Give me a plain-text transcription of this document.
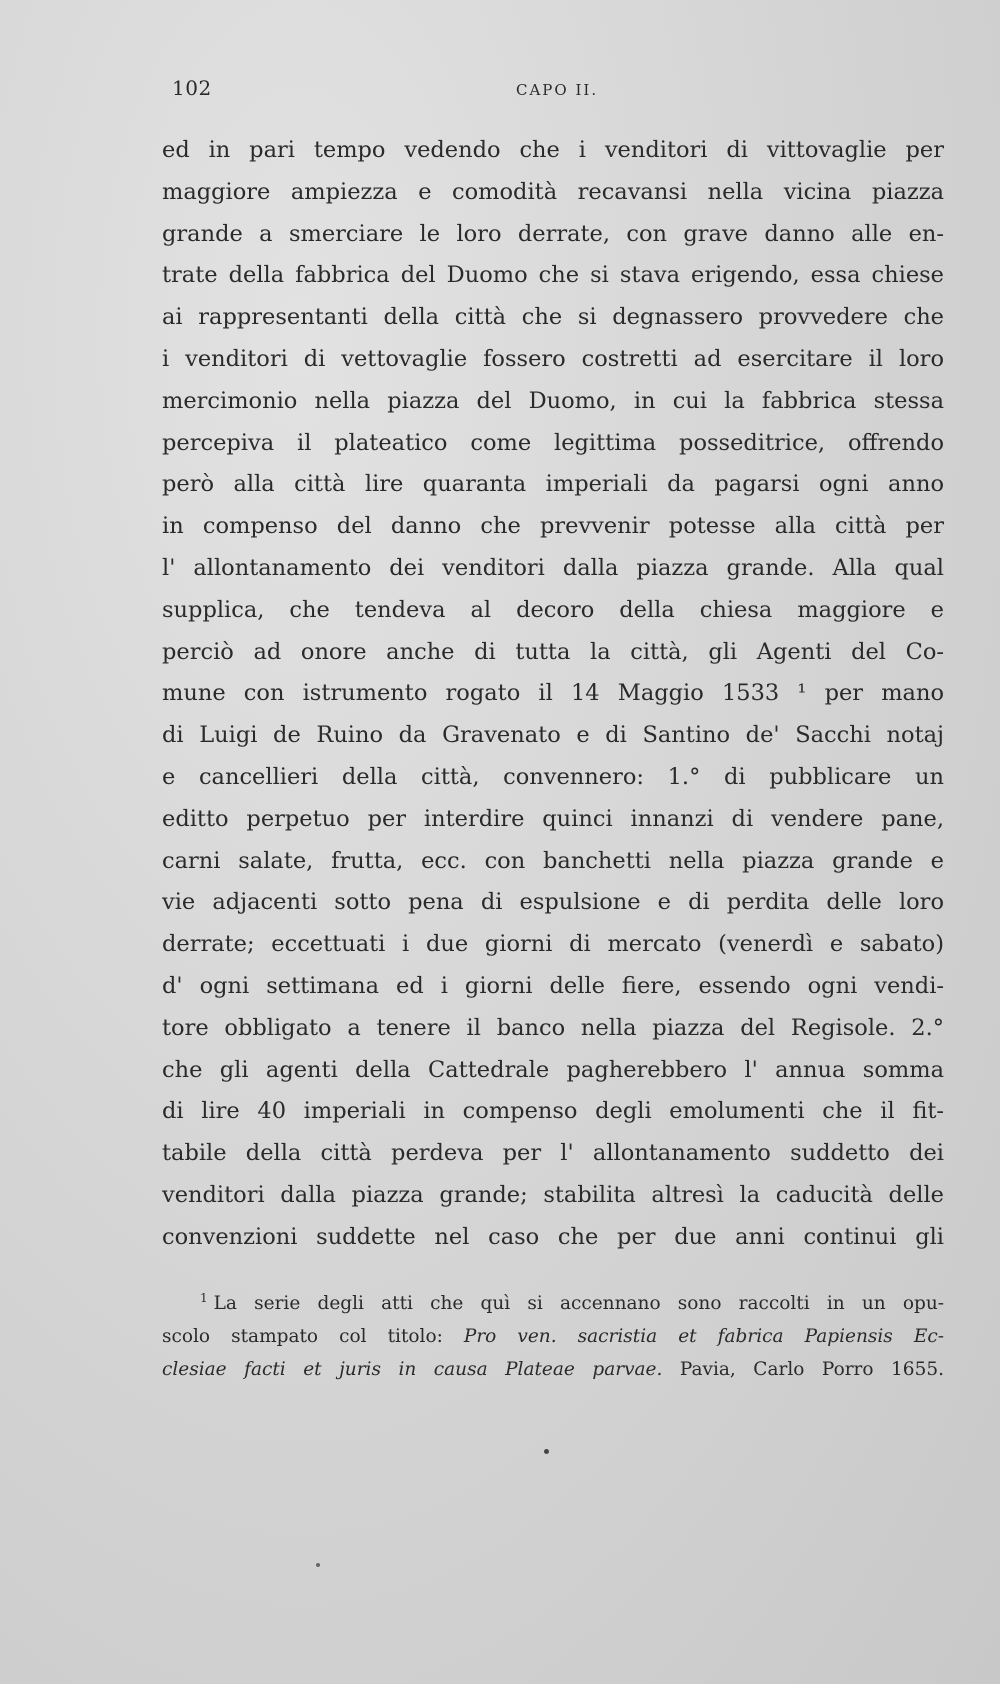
102	CAPO II.
ed in pari tempo vedendo che i venditori di vittovaglie per
maggiore ampiezza e comodità recavansi nella vicina piazza
grande a smerciare le loro derrate, con grave danno alle en-
trate della fabbrica del Duomo che si stava erigendo, essa chiese
ai rappresentanti della città che si degnassero provvedere che
i venditori di vettovaglie fossero costretti ad esercitare il loro
mercimonio nella piazza del Duomo, in cui la fabbrica stessa
percepiva il plateatico come legittima posseditrice, offrendo
però alla città lire quaranta imperiali da pagarsi ogni anno
in compenso del danno che prevvenir potesse alla città per
l' allontanamento dei venditori dalla piazza grande. Alla qual
supplica, che tendeva al decoro della chiesa maggiore e
perciò ad onore anche di tutta la città, gli Agenti del Co-
mune con istrumento rogato il 14 Maggio 1533 ¹ per mano
di Luigi de Ruino da Gravenato e di Santino de' Sacchi notaj
e cancellieri della città, convennero: 1.° di pubblicare un
editto perpetuo per interdire quinci innanzi di vendere pane,
carni salate, frutta, ecc. con banchetti nella piazza grande e
vie adjacenti sotto pena di espulsione e di perdita delle loro
derrate; eccettuati i due giorni di mercato (venerdì e sabato)
d' ogni settimana ed i giorni delle fiere, essendo ogni vendi-
tore obbligato a tenere il banco nella piazza del Regisole. 2.°
che gli agenti della Cattedrale pagherebbero l' annua somma
di lire 40 imperiali in compenso degli emolumenti che il fit-
tabile della città perdeva per l' allontanamento suddetto dei
venditori dalla piazza grande; stabilita altresì la caducità delle
convenzioni suddette nel caso che per due anni continui gli
$^1$ La serie degli atti che quì si accennano sono raccolti in un opu-
scolo stampato col titolo: Pro ven. sacristia et fabrica Papiensis Ec-
clesiae facti et juris in causa Plateae parvae. Pavia, Carlo Porro 1655.
